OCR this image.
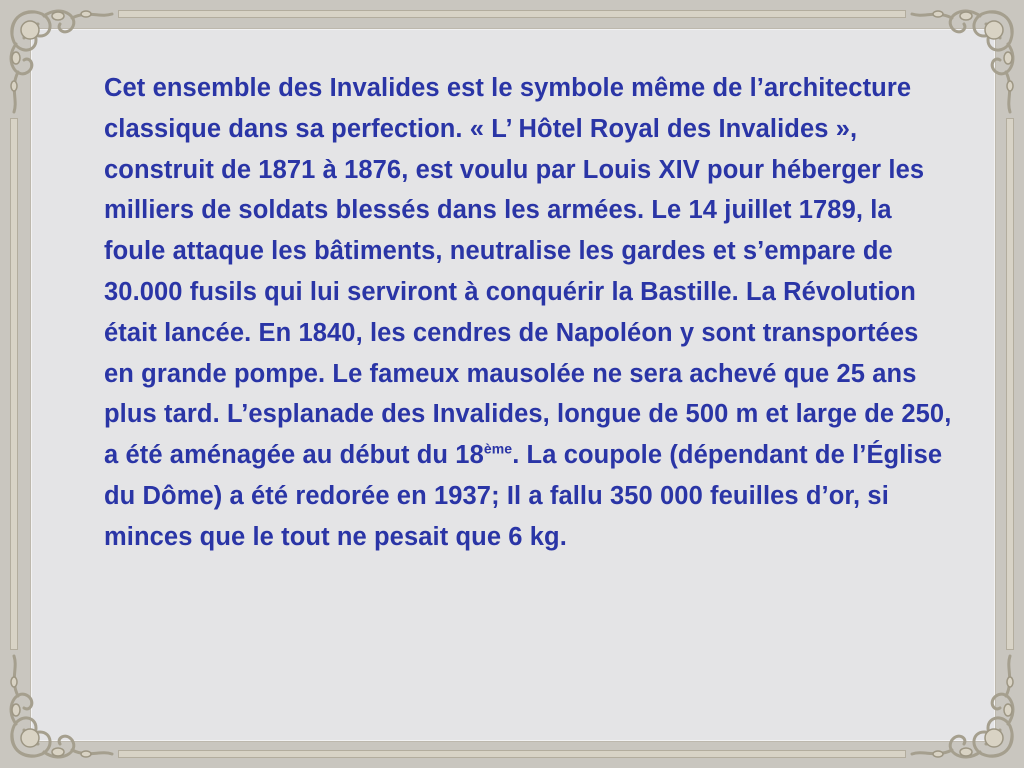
Cet ensemble des Invalides est le symbole même de l’architecture classique dans sa perfection. « L’ Hôtel Royal des Invalides », construit de 1871 à 1876, est voulu par Louis XIV pour héberger les milliers de soldats blessés dans les armées. Le 14 juillet 1789, la foule attaque les bâtiments, neutralise les gardes et s’empare de 30.000 fusils qui lui serviront à conquérir la Bastille. La Révolution était lancée. En 1840, les cendres de Napoléon y sont transportées en grande pompe. Le fameux mausolée ne sera achevé que 25 ans plus tard. L’esplanade des Invalides, longue de 500 m et large de 250, a été aménagée au début du 18ème. La coupole (dépendant de l’Église du Dôme) a été redorée en 1937; Il a fallu 350 000 feuilles d’or, si minces que le tout ne pesait que 6 kg.
